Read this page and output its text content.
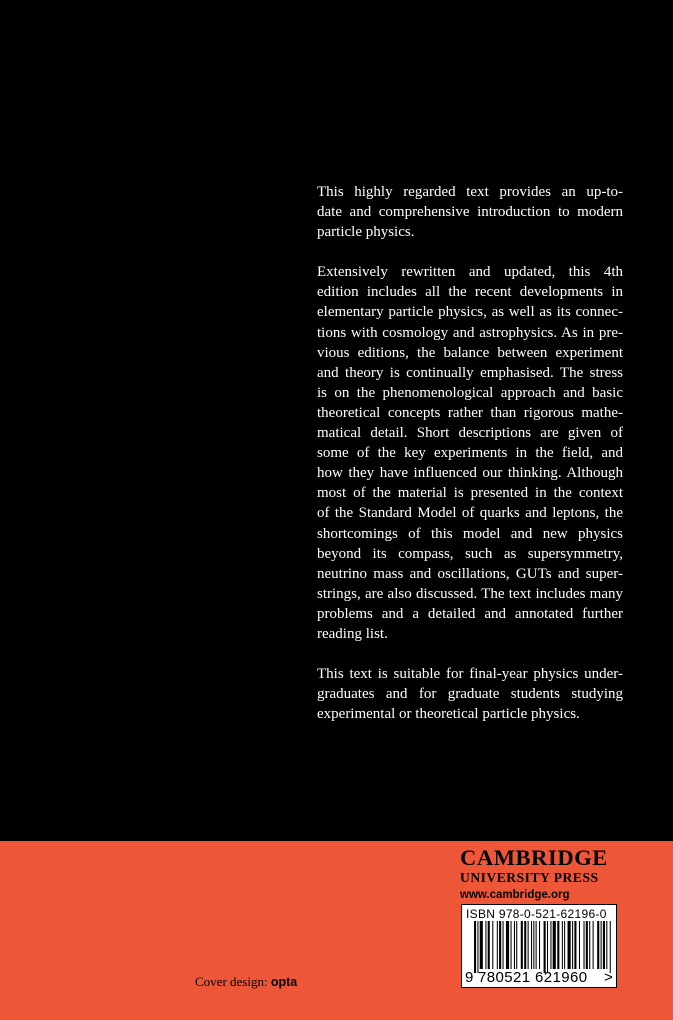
This highly regarded text provides an up-to-
date and comprehensive introduction to modern
particle physics.
Extensively rewritten and updated, this 4th
edition includes all the recent developments in
elementary particle physics, as well as its connec-
tions with cosmology and astrophysics. As in pre-
vious editions, the balance between experiment
and theory is continually emphasised. The stress
is on the phenomenological approach and basic
theoretical concepts rather than rigorous mathe-
matical detail. Short descriptions are given of
some of the key experiments in the field, and
how they have influenced our thinking. Although
most of the material is presented in the context
of the Standard Model of quarks and leptons, the
shortcomings of this model and new physics
beyond its compass, such as supersymmetry,
neutrino mass and oscillations, GUTs and super-
strings, are also discussed. The text includes many
problems and a detailed and annotated further
reading list.
This text is suitable for final-year physics under-
graduates and for graduate students studying
experimental or theoretical particle physics.
CAMBRIDGE
UNIVERSITY PRESS
www.cambridge.org
ISBN 978-0-521-62196-0
9 780521 621960	>
Cover design: opta
